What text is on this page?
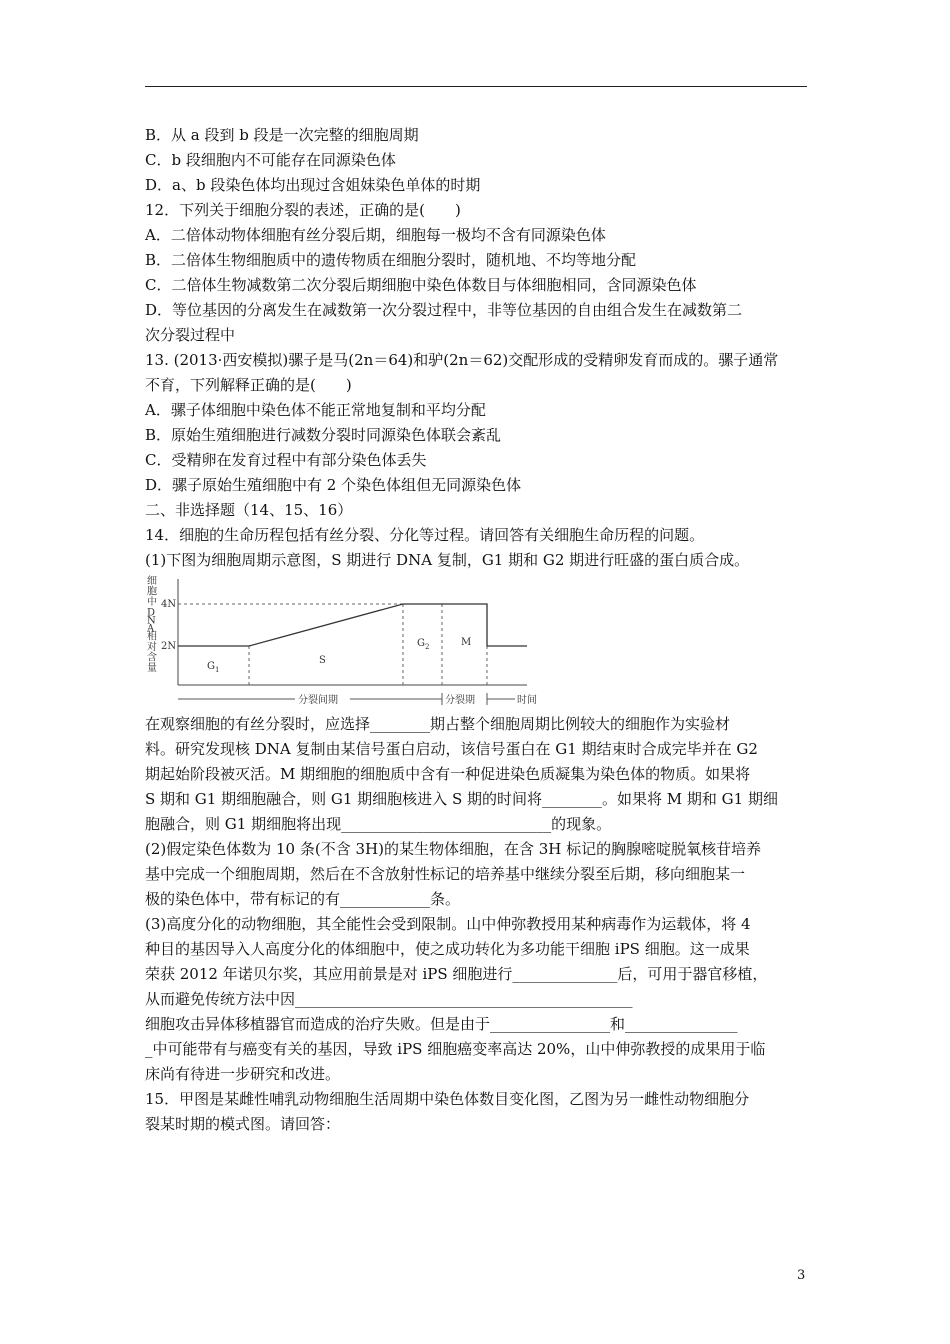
B．从 a 段到 b 段是一次完整的细胞周期

C．b 段细胞内不可能存在同源染色体

D．a、b 段染色体均出现过含姐妹染色单体的时期

12．下列关于细胞分裂的表述，正确的是(　　)

A．二倍体动物体细胞有丝分裂后期，细胞每一极均不含有同源染色体

B．二倍体生物细胞质中的遗传物质在细胞分裂时，随机地、不均等地分配

C．二倍体生物减数第二次分裂后期细胞中染色体数目与体细胞相同，含同源染色体

D．等位基因的分离发生在减数第一次分裂过程中，非等位基因的自由组合发生在减数第二

次分裂过程中

13. (2013·西安模拟)骡子是马(2n＝64)和驴(2n＝62)交配形成的受精卵发育而成的。骡子通常

不育，下列解释正确的是(　　)

A．骡子体细胞中染色体不能正常地复制和平均分配

B．原始生殖细胞进行减数分裂时同源染色体联会紊乱

C．受精卵在发育过程中有部分染色体丢失

D．骡子原始生殖细胞中有 2 个染色体组但无同源染色体

二、非选择题（14、15、16）

14．细胞的生命历程包括有丝分裂、分化等过程。请回答有关细胞生命历程的问题。

(1)下图为细胞周期示意图，S 期进行 DNA 复制，G1 期和 G2 期进行旺盛的蛋白质合成。

细胞中 D N A 相对含量
4N
2N
$G_1$
S
$G_2$	M
分裂间期	分裂期	时间

在观察细胞的有丝分裂时，应选择________期占整个细胞周期比例较大的细胞作为实验材

料。研究发现核 DNA 复制由某信号蛋白启动，该信号蛋白在 G1 期结束时合成完毕并在 G2

期起始阶段被灭活。M 期细胞的细胞质中含有一种促进染色质凝集为染色体的物质。如果将

S 期和 G1 期细胞融合，则 G1 期细胞核进入 S 期的时间将________。如果将 M 期和 G1 期细

胞融合，则 G1 期细胞将出现____________________________的现象。

(2)假定染色体数为 10 条(不含 3H)的某生物体细胞，在含 3H 标记的胸腺嘧啶脱氧核苷培养

基中完成一个细胞周期，然后在不含放射性标记的培养基中继续分裂至后期，移向细胞某一

极的染色体中，带有标记的有____________条。

(3)高度分化的动物细胞，其全能性会受到限制。山中伸弥教授用某种病毒作为运载体，将 4

种目的基因导入人高度分化的体细胞中，使之成功转化为多功能干细胞 iPS 细胞。这一成果

荣获 2012 年诺贝尔奖，其应用前景是对 iPS 细胞进行______________后，可用于器官移植，

从而避免传统方法中因_____________________________________________

细胞攻击异体移植器官而造成的治疗失败。但是由于________________和_______________

_中可能带有与癌变有关的基因，导致 iPS 细胞癌变率高达 20%，山中伸弥教授的成果用于临

床尚有待进一步研究和改进。

15．甲图是某雌性哺乳动物细胞生活周期中染色体数目变化图，乙图为另一雌性动物细胞分

裂某时期的模式图。请回答：

3
